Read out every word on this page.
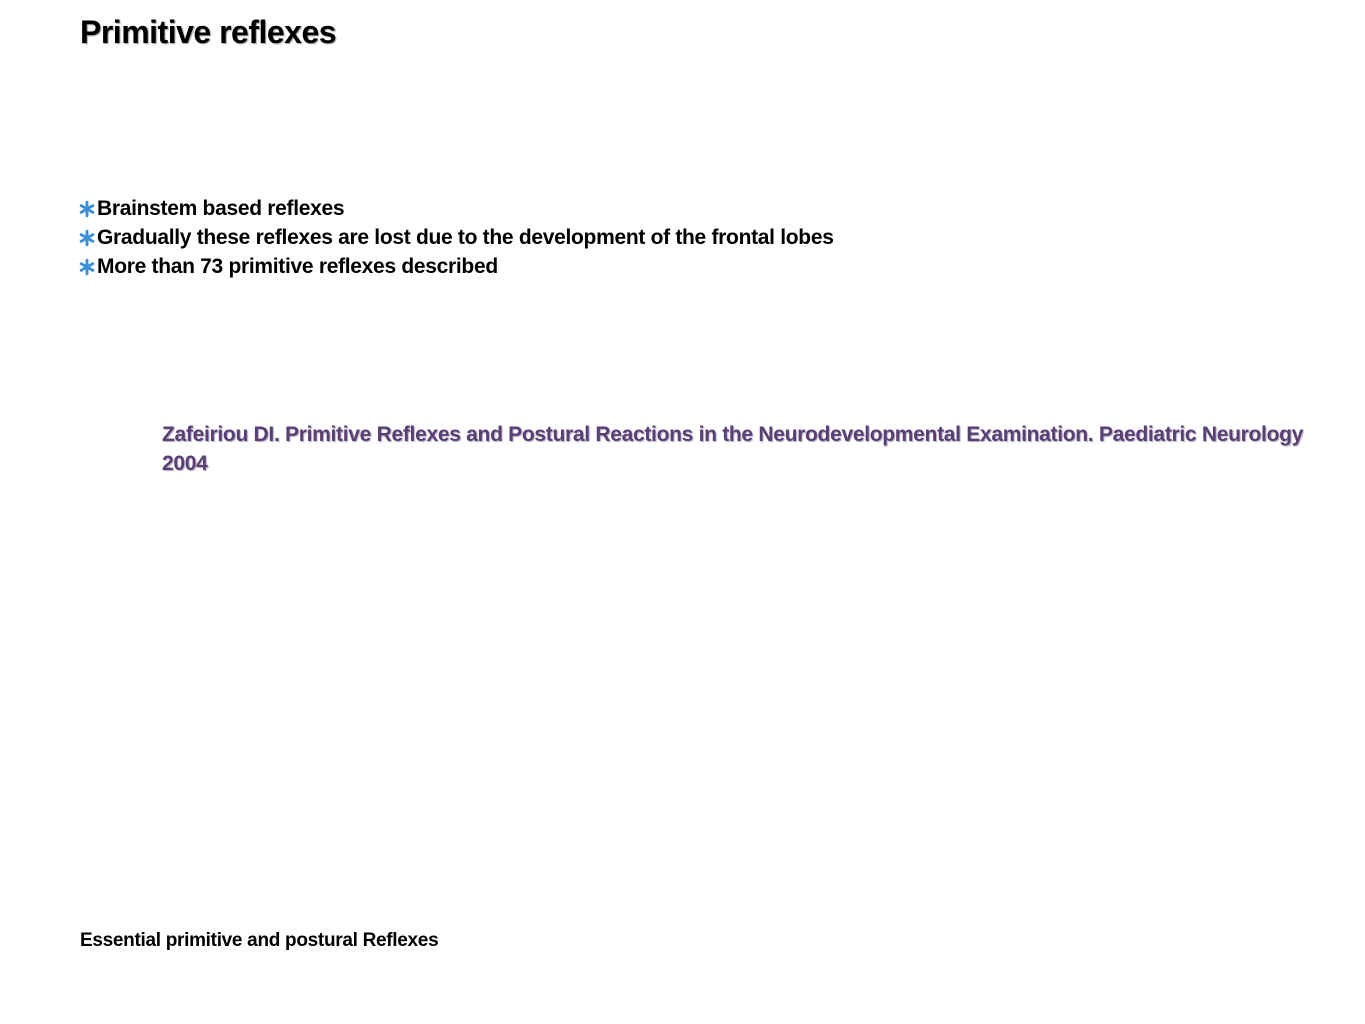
Primitive reflexes
Brainstem based reflexes
Gradually these reflexes are lost due to the development of the frontal lobes
More than 73 primitive reflexes described

Zafeiriou DI. Primitive Reflexes and Postural Reactions in the Neurodevelopmental Examination. Paediatric Neurology 2004

Essential primitive and postural Reflexes
